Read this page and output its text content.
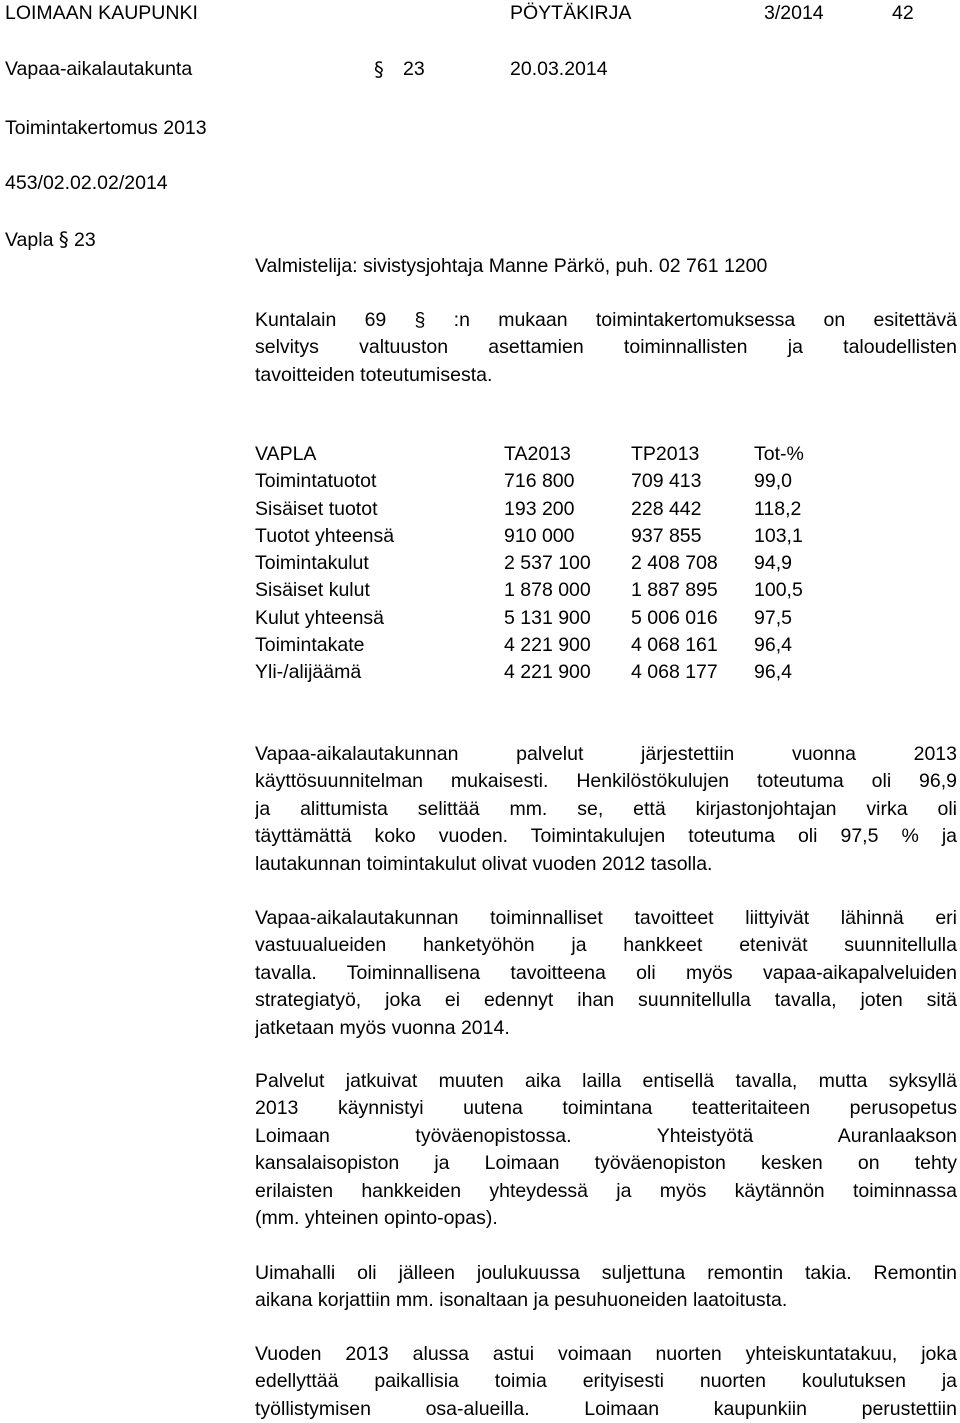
LOIMAAN KAUPUNKI	PÖYTÄKIRJA	3/2014	42
Vapaa-aikalautakunta	§ 23	20.03.2014
Toimintakertomus 2013
453/02.02.02/2014
Vapla § 23
Valmistelija: sivistysjohtaja Manne Pärkö, puh. 02 761 1200
Kuntalain 69 § :n mukaan toimintakertomuksessa on esitettävä
selvitys valtuuston asettamien toiminnallisten ja taloudellisten
tavoitteiden toteutumisesta.
VAPLA	TA2013	TP2013	Tot-%
Toimintatuotot	716 800	709 413	99,0
Sisäiset tuotot	193 200	228 442	118,2
Tuotot yhteensä	910 000	937 855	103,1
Toimintakulut	2 537 100	2 408 708	94,9
Sisäiset kulut	1 878 000	1 887 895	100,5
Kulut yhteensä	5 131 900	5 006 016	97,5
Toimintakate	4 221 900	4 068 161	96,4
Yli-/alijäämä	4 221 900	4 068 177	96,4
Vapaa-aikalautakunnan palvelut järjestettiin vuonna 2013
käyttösuunnitelman mukaisesti. Henkilöstökulujen toteutuma oli 96,9
ja alittumista selittää mm. se, että kirjastonjohtajan virka oli
täyttämättä koko vuoden. Toimintakulujen toteutuma oli 97,5 % ja
lautakunnan toimintakulut olivat vuoden 2012 tasolla.
Vapaa-aikalautakunnan toiminnalliset tavoitteet liittyivät lähinnä eri
vastuualueiden hanketyöhön ja hankkeet etenivät suunnitellulla
tavalla. Toiminnallisena tavoitteena oli myös vapaa-aikapalveluiden
strategiatyö, joka ei edennyt ihan suunnitellulla tavalla, joten sitä
jatketaan myös vuonna 2014.
Palvelut jatkuivat muuten aika lailla entisellä tavalla, mutta syksyllä
2013 käynnistyi uutena toimintana teatteritaiteen perusopetus
Loimaan työväenopistossa. Yhteistyötä Auranlaakson
kansalaisopiston ja Loimaan työväenopiston kesken on tehty
erilaisten hankkeiden yhteydessä ja myös käytännön toiminnassa
(mm. yhteinen opinto-opas).
Uimahalli oli jälleen joulukuussa suljettuna remontin takia. Remontin
aikana korjattiin mm. isonaltaan ja pesuhuoneiden laatoitusta.
Vuoden 2013 alussa astui voimaan nuorten yhteiskuntatakuu, joka
edellyttää paikallisia toimia erityisesti nuorten koulutuksen ja
työllistymisen osa-alueilla. Loimaan kaupunkiin perustettiin
